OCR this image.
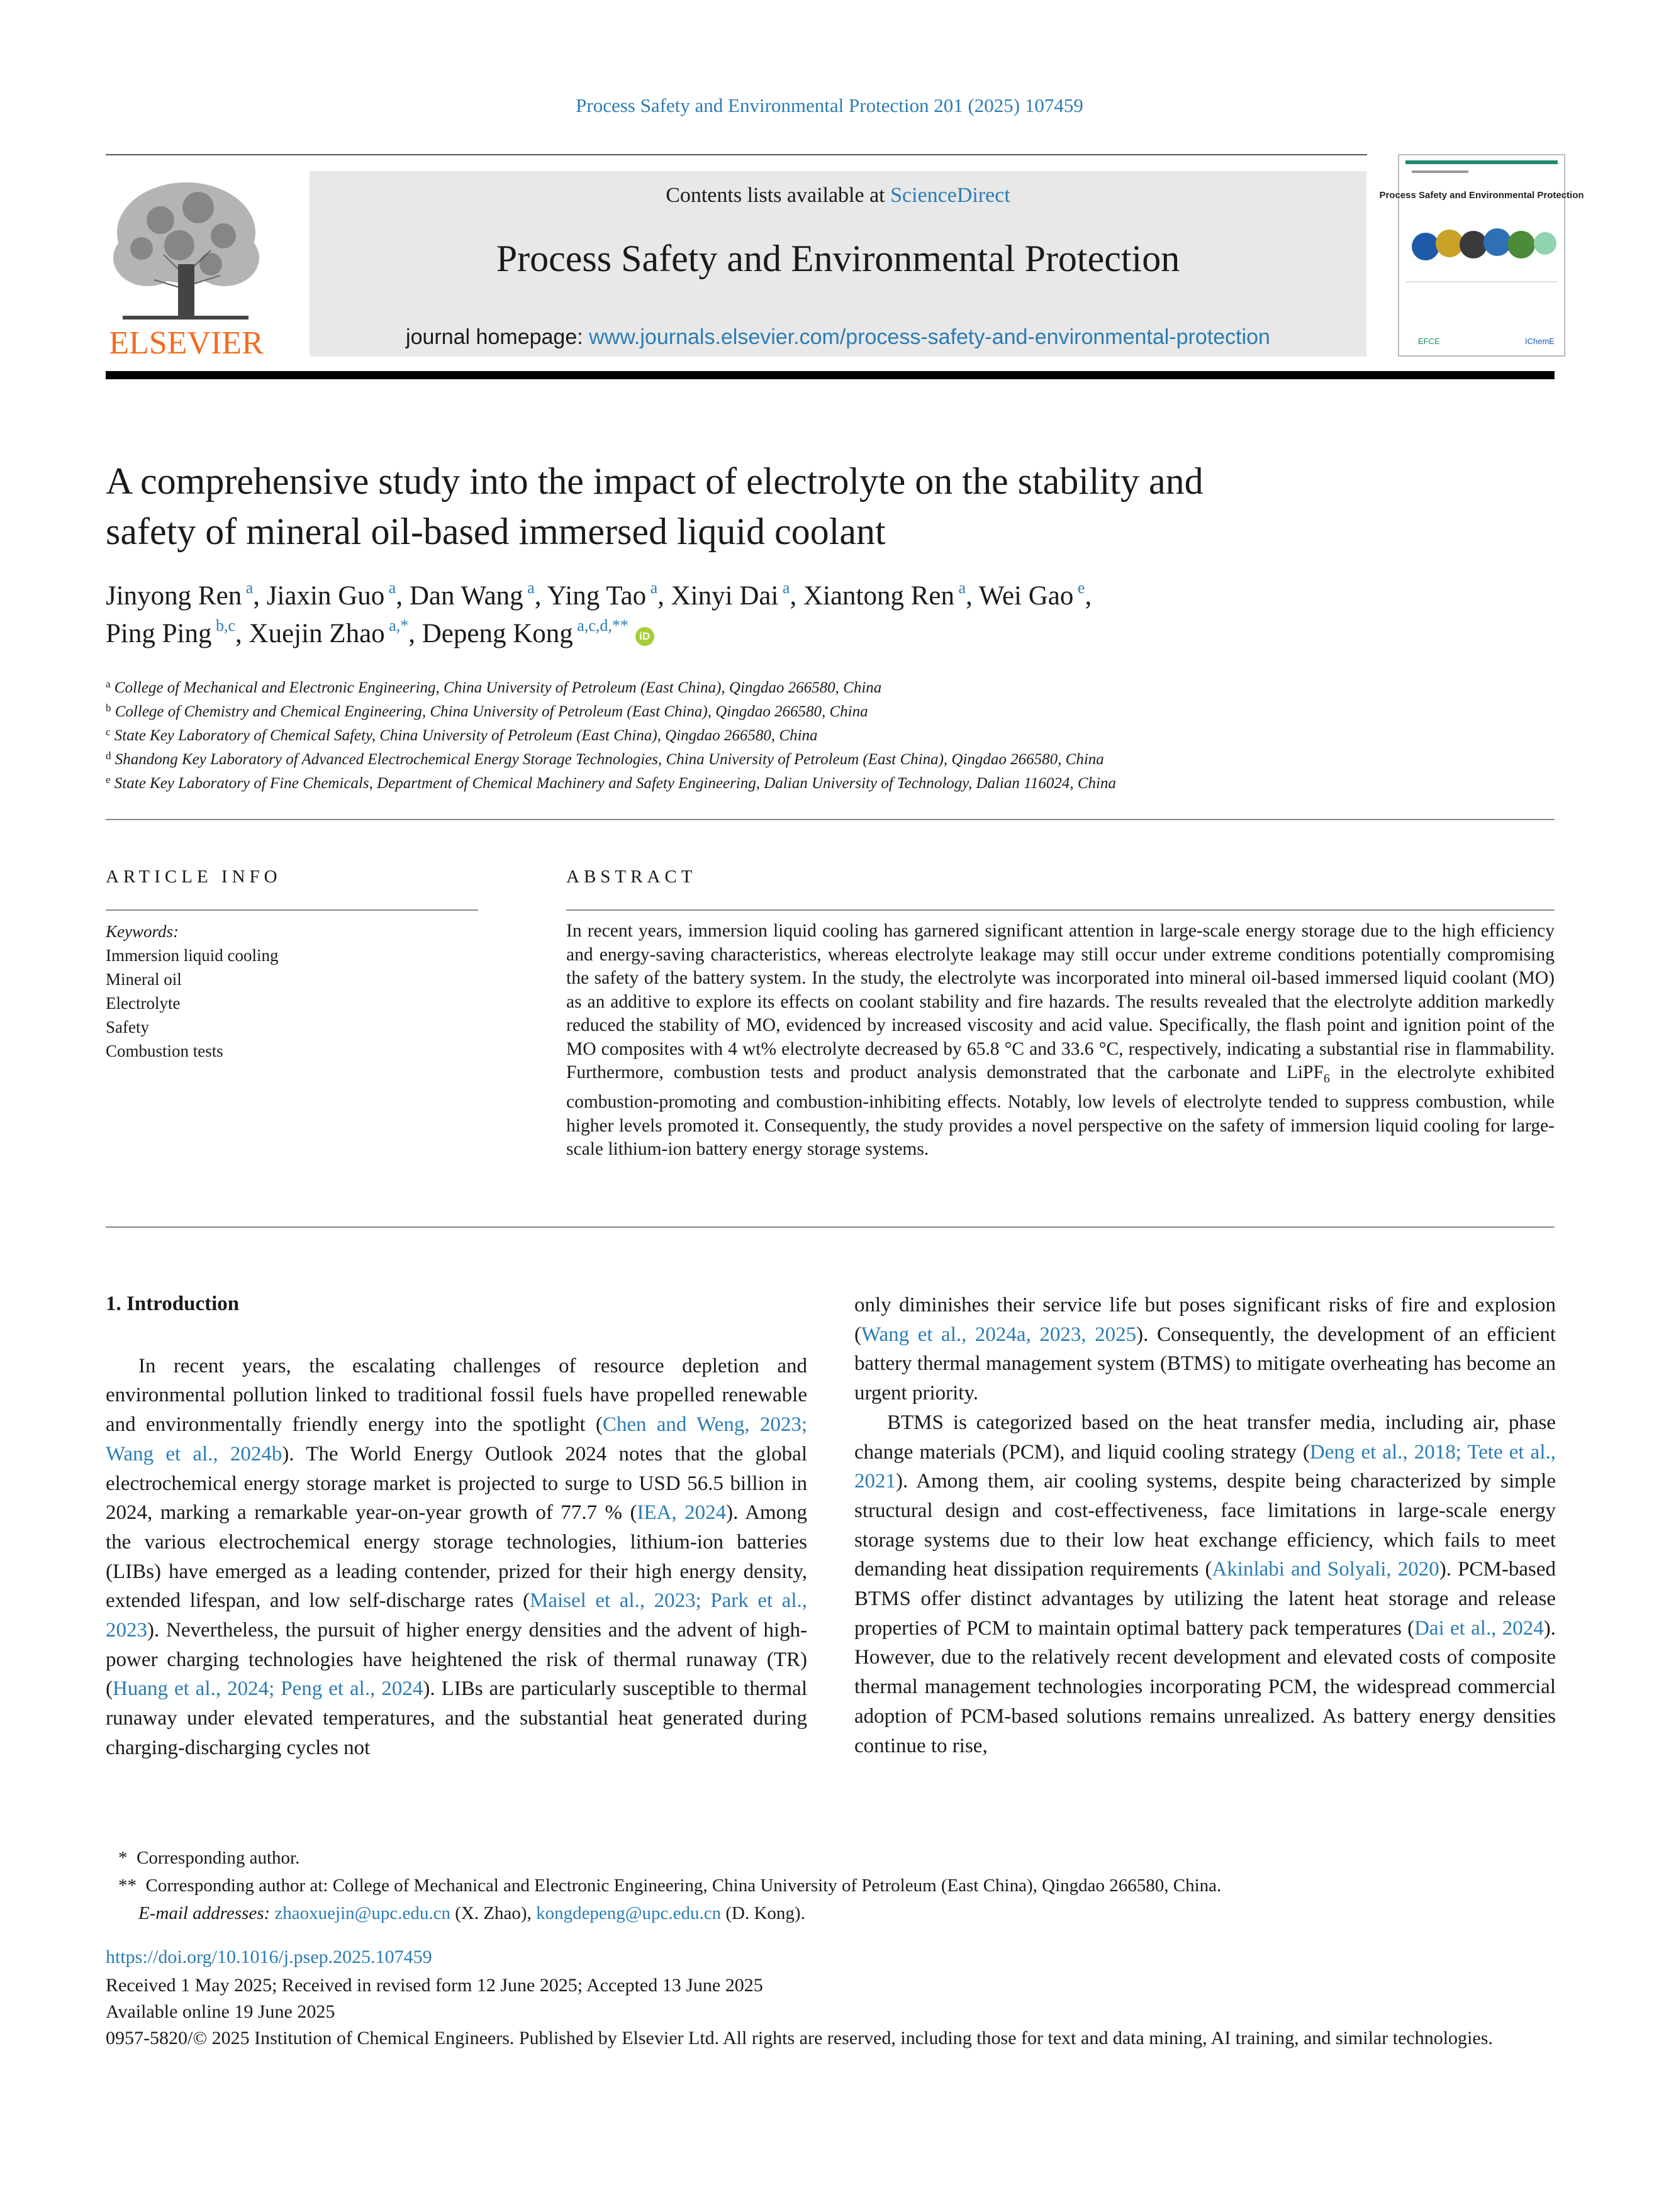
Process Safety and Environmental Protection 201 (2025) 107459
ELSEVIER
Contents lists available at ScienceDirect
Process Safety and Environmental Protection
journal homepage: www.journals.elsevier.com/process-safety-and-environmental-protection
Process Safety and Environmental Protection
EFCE	IChemE
A comprehensive study into the impact of electrolyte on the stability and
safety of mineral oil-based immersed liquid coolant
Jinyong Ren $^a$, Jiaxin Guo $^a$, Dan Wang $^a$, Ying Tao $^a$, Xinyi Dai $^a$, Xiantong Ren $^a$, Wei Gao $^e$,
Ping Ping $^{b,c}$, Xuejin Zhao $^{a,*}$, Depeng Kong $^{a,c,d,**}$ iD
$^a$ College of Mechanical and Electronic Engineering, China University of Petroleum (East China), Qingdao 266580, China
$^b$ College of Chemistry and Chemical Engineering, China University of Petroleum (East China), Qingdao 266580, China
$^c$ State Key Laboratory of Chemical Safety, China University of Petroleum (East China), Qingdao 266580, China
$^d$ Shandong Key Laboratory of Advanced Electrochemical Energy Storage Technologies, China University of Petroleum (East China), Qingdao 266580, China
$^e$ State Key Laboratory of Fine Chemicals, Department of Chemical Machinery and Safety Engineering, Dalian University of Technology, Dalian 116024, China
ARTICLE INFO	ABSTRACT
Keywords:
Immersion liquid cooling
Mineral oil
Electrolyte
Safety
Combustion tests
In recent years, immersion liquid cooling has garnered significant attention in large-scale energy storage due to the high efficiency and energy-saving characteristics, whereas electrolyte leakage may still occur under extreme conditions potentially compromising the safety of the battery system. In the study, the electrolyte was incorporated into mineral oil-based immersed liquid coolant (MO) as an additive to explore its effects on coolant stability and fire hazards. The results revealed that the electrolyte addition markedly reduced the stability of MO, evidenced by increased viscosity and acid value. Specifically, the flash point and ignition point of the MO composites with 4 wt% electrolyte decreased by 65.8 °C and 33.6 °C, respectively, indicating a substantial rise in flammability. Furthermore, combustion tests and product analysis demonstrated that the carbonate and LiPF$_6$ in the electrolyte exhibited combustion-promoting and combustion-inhibiting effects. Notably, low levels of electrolyte tended to suppress combustion, while higher levels promoted it. Consequently, the study provides a novel perspective on the safety of immersion liquid cooling for large-scale lithium-ion battery energy storage systems.

1. Introduction

In recent years, the escalating challenges of resource depletion and environmental pollution linked to traditional fossil fuels have propelled renewable and environmentally friendly energy into the spotlight (Chen and Weng, 2023; Wang et al., 2024b). The World Energy Outlook 2024 notes that the global electrochemical energy storage market is projected to surge to USD 56.5 billion in 2024, marking a remarkable year-on-year growth of 77.7 % (IEA, 2024). Among the various electrochemical energy storage technologies, lithium-ion batteries (LIBs) have emerged as a leading contender, prized for their high energy density, extended lifespan, and low self-discharge rates (Maisel et al., 2023; Park et al., 2023). Nevertheless, the pursuit of higher energy densities and the advent of high-power charging technologies have heightened the risk of thermal runaway (TR) (Huang et al., 2024; Peng et al., 2024). LIBs are particularly susceptible to thermal runaway under elevated temperatures, and the substantial heat generated during charging-discharging cycles not

only diminishes their service life but poses significant risks of fire and explosion (Wang et al., 2024a, 2023, 2025). Consequently, the development of an efficient battery thermal management system (BTMS) to mitigate overheating has become an urgent priority.

BTMS is categorized based on the heat transfer media, including air, phase change materials (PCM), and liquid cooling strategy (Deng et al., 2018; Tete et al., 2021). Among them, air cooling systems, despite being characterized by simple structural design and cost-effectiveness, face limitations in large-scale energy storage systems due to their low heat exchange efficiency, which fails to meet demanding heat dissipation requirements (Akinlabi and Solyali, 2020). PCM-based BTMS offer distinct advantages by utilizing the latent heat storage and release properties of PCM to maintain optimal battery pack temperatures (Dai et al., 2024). However, due to the relatively recent development and elevated costs of composite thermal management technologies incorporating PCM, the widespread commercial adoption of PCM-based solutions remains unrealized. As battery energy densities continue to rise,

* Corresponding author.
** Corresponding author at: College of Mechanical and Electronic Engineering, China University of Petroleum (East China), Qingdao 266580, China.
E-mail addresses: zhaoxuejin@upc.edu.cn (X. Zhao), kongdepeng@upc.edu.cn (D. Kong).
https://doi.org/10.1016/j.psep.2025.107459
Received 1 May 2025; Received in revised form 12 June 2025; Accepted 13 June 2025
Available online 19 June 2025
0957-5820/© 2025 Institution of Chemical Engineers. Published by Elsevier Ltd. All rights are reserved, including those for text and data mining, AI training, and similar technologies.
